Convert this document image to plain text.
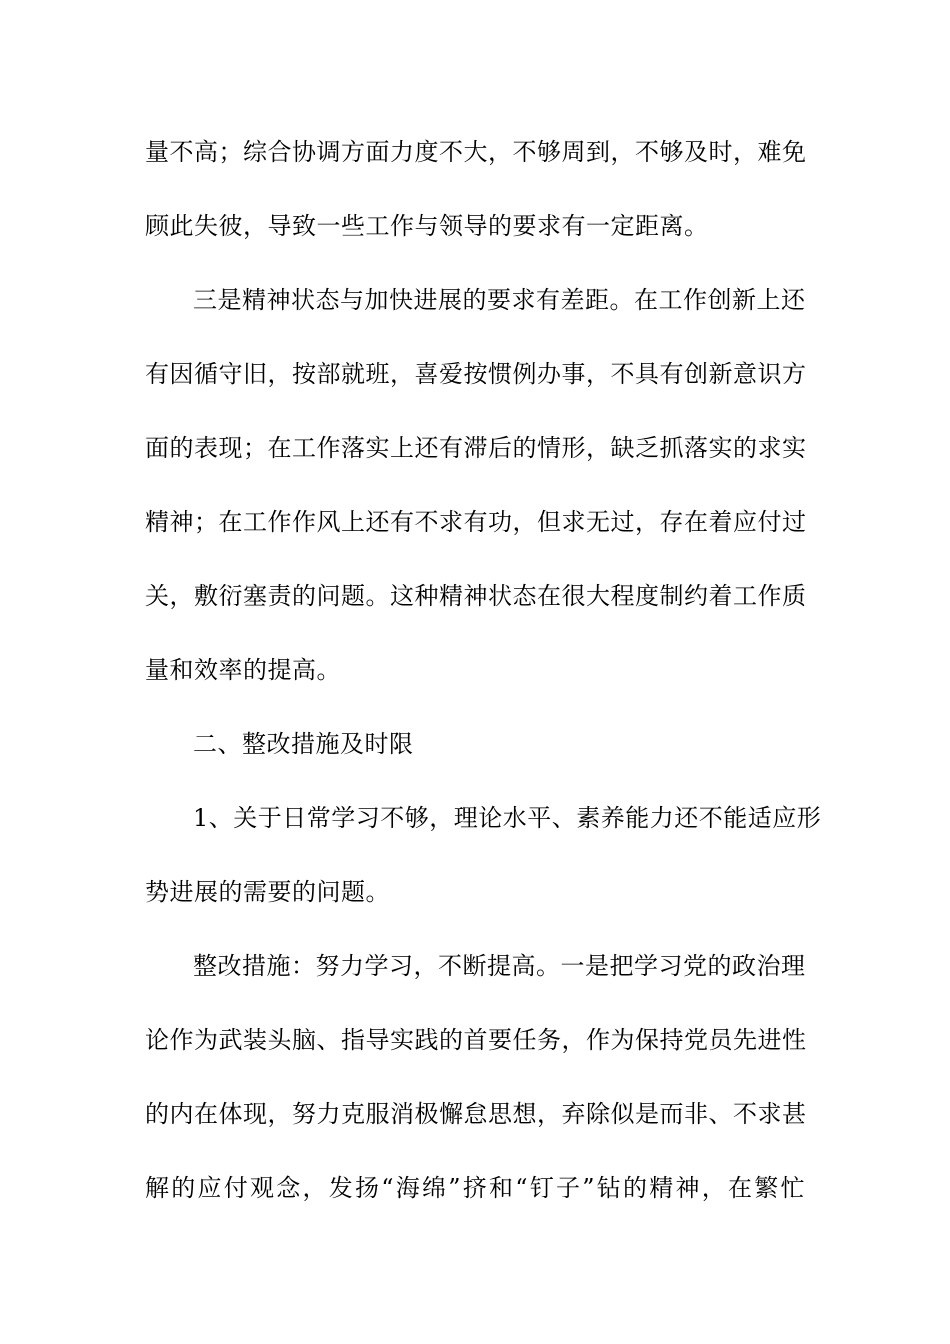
量不高；综合协调方面力度不大，不够周到，不够及时，难免
顾此失彼，导致一些工作与领导的要求有一定距离。
三是精神状态与加快进展的要求有差距。在工作创新上还
有因循守旧，按部就班，喜爱按惯例办事，不具有创新意识方
面的表现；在工作落实上还有滞后的情形，缺乏抓落实的求实
精神；在工作作风上还有不求有功，但求无过，存在着应付过
关，敷衍塞责的问题。这种精神状态在很大程度制约着工作质
量和效率的提高。
二、整改措施及时限
1、关于日常学习不够，理论水平、素养能力还不能适应形
势进展的需要的问题。
整改措施：努力学习，不断提高。一是把学习党的政治理
论作为武装头脑、指导实践的首要任务，作为保持党员先进性
的内在体现，努力克服消极懈怠思想，弃除似是而非、不求甚
解的应付观念，发扬“海绵”挤和“钉子”钻的精神，在繁忙
